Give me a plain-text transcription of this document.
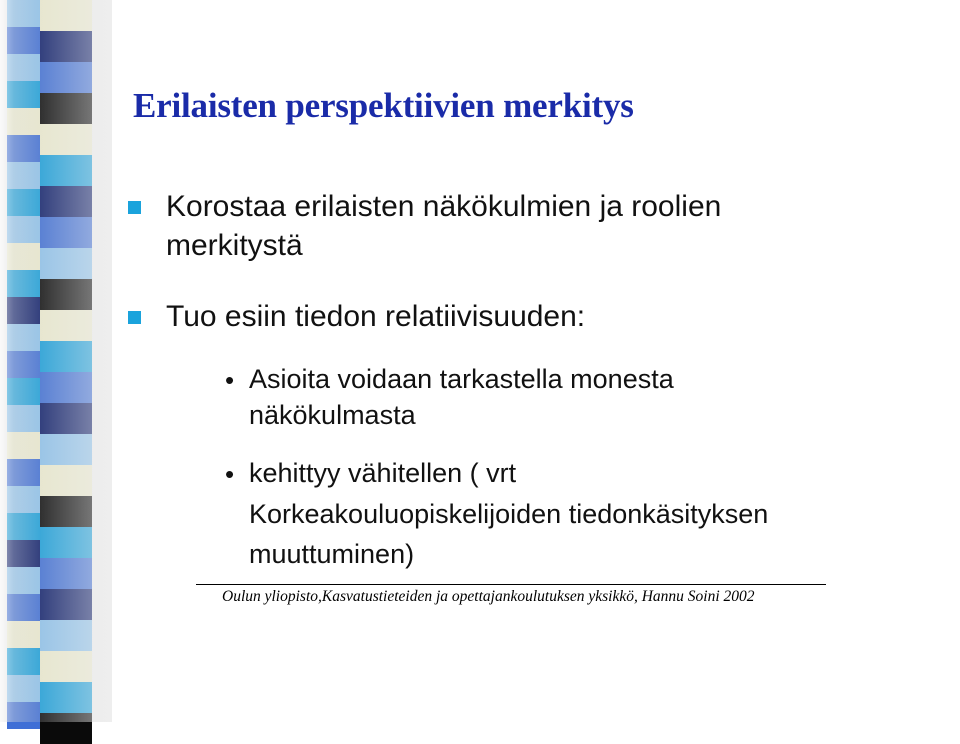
Erilaisten perspektiivien merkitys
Korostaa erilaisten näkökulmien ja roolien
merkitystä
Tuo esiin tiedon relatiivisuuden:
• Asioita voidaan tarkastella monesta
näkökulmasta
• kehittyy vähitellen ( vrt
Korkeakouluopiskelijoiden tiedonkäsityksen
muuttuminen)

Oulun yliopisto,Kasvatustieteiden ja opettajankoulutuksen yksikkö, Hannu Soini 2002
